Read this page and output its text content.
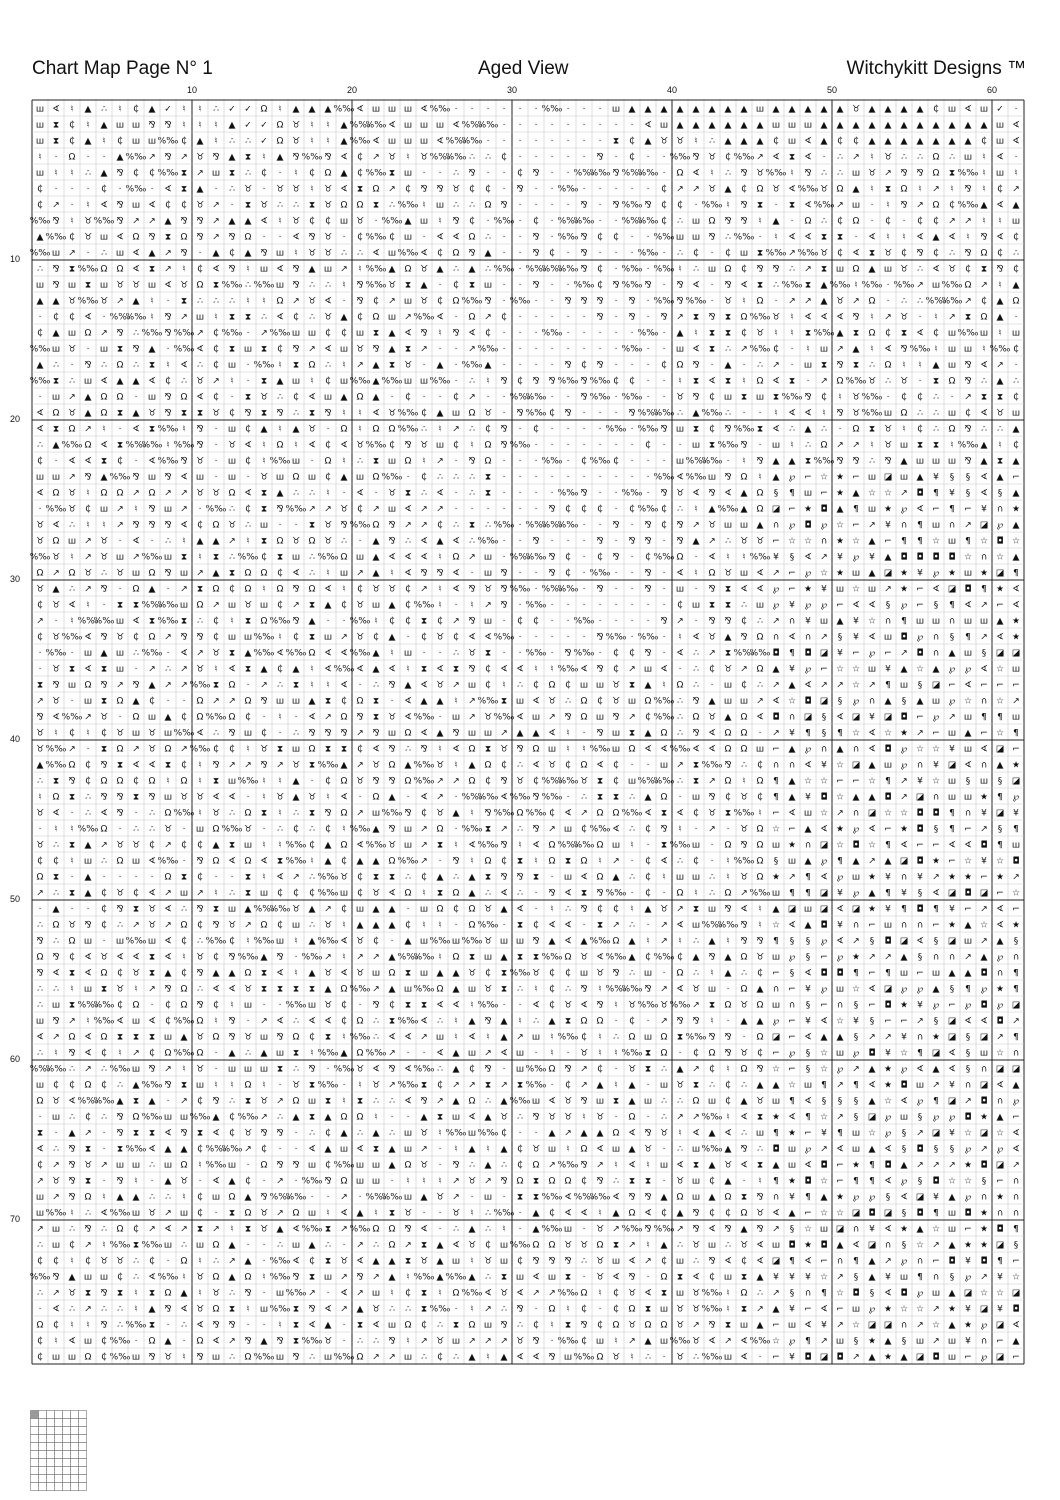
Chart Map Page N° 1	Aged View	Witchykitt Designs ™
10	20	30	40	50	60
10
20
30
40
50
60
70
ш ∢ ♮ ▲ ∴ ♮ ₵ ▲ ✓ ♮ ♮ ∴ ✓ ✓ Ω ♮ ▲ ▲ ▲ %‰ ∢ ш ш ш ∢ %‰ · · · · · · %‰ · · · ш ▲ ▲ ▲ ▲ ▲ ▲ ▲ ▲ ш ▲ ▲ ▲ ▲ ▲ ♉ ▲ ▲ ▲ ▲ ₵ ш ∢ ш ✓ ·
ш ⧗ ₵ ♮ ▲ ш ш ⅋ ⅋ ♮ ♮ ♮ ▲ ✓ ✓ Ω ♉ ♮ ♮ ▲ %‰
%‰ ∢ ш ш ш ∢ %‰
%‰ · · · · · · · · · ∢ ш ▲ ▲ ▲ ▲ ▲ ▲ ш ш ш ▲ ▲ ▲ ▲ ▲ ▲ ▲ ▲ ▲ ▲ ▲ ш ∢
ш ⧗ ₵ ▲ ♮ ₵ ш ш %‰ ₵ ▲ ♮ ∴ ∴ ✓ Ω ♉ ♮ ♮ ▲ %‰ ∢ ш ш ш ∢ %‰
%‰ · · · · · · · · ⧗ ₵ ▲ ♉ ♉ ♮ ∴ ▲ ▲ ▲ ₵ ш ∢ ▲ ₵ ₵ ▲ ▲ ▲ ▲ ▲ ▲ ▲ ₵ ш ∢
♮ · Ω · · ▲ %‰ ↗ ⅋ ↗ ♉ ⅋ ▲ ⧗ ♮ ▲ ⅋ %‰ ⅋ ∢ ₵ ↗ ♉ ♮ ♉ %‰
%‰ ∴ ∴ ₵ · · · · · ⅋ · ₵ · · %‰ ⅋ ♉ ₵ %‰ ↗ ∢ ⧗ ∢ · ∴ ↗ ♮ ♉ ∴ ∴ Ω ∴ ш ♮ ∢ ·
ш ♮ ♮ ∴ ▲ ⅋ ₵ ₵ %‰ ⧗ ↗ ш ⧗ ∴ ₵ · ♮ ₵ Ω ▲ ₵ %‰ ⧗ ш · · ∴ ⅋ · · ₵ ⅋ · · %‰
%‰ ⅋ %‰
%‰ · Ω ∢ ♮ ∴ ⅋ ♉ %‰ ♮ ⅋ ∴ ∴ ш ♉ ↗ ⅋ ⅋ Ω ⧗ %‰ ♮ ш ♮
₵ · · · ₵ · %‰ · ∢ ⧗ ▲ · ∴ ♉ · ♉ ♉ ♮ ♉ ∢ ⧗ Ω ↗ ₵ ⅋ ⅋ ♉ ₵ ₵ · ⅋ · · %‰ · · · · · ₵ ↗ ↗ ♉ ▲ ₵ Ω ♉ ∢ %‰ ♉ Ω ▲ ♮ ⧗ Ω ♮ ↗ ♮ ⅋ ♮ ₵ ↗
₵ ↗ · ♮ ∢ ⅋ ш ∢ ₵ ₵ ♉ ↗ · ⧗ ♉ ∴ ∴ ⧗ ♉ Ω Ω ⧗ ∴ %‰ ♮ ш ∴ ∴ Ω ⅋ · · · · ⅋ · ⅋ %‰ ⅋ ₵ ₵ · %‰ ♮ ⅋ ⧗ · ⧗ ∢ %‰ ↗ ш · ♮ ⅋ ↗ Ω ₵ %‰ ▲ ∢ ▲
%‰ ⅋ ♮ ♉ %‰ ⅋ ↗ ↗ ▲ ⅋ ⅋ ↗ ▲ ▲ ∢ ♮ ♉ ₵ ₵ ш ♉ · %‰ ▲ ш ♮ ⅋ ₵ · %‰ · ₵ · %‰
%‰ · · %‰
%‰ ₵ ∴ ш Ω ⅋ ⅋ ♮ ▲ · Ω ∴ ₵ Ω · ₵ · ₵ ₵ ↗ ↗ ♮ ♮ ш
▲ %‰ ₵ ♉ ш ∢ Ω ⅋ ⧗ Ω ⅋ ↗ ⅋ Ω · · ∢ ⅋ ♉ · ₵ %‰ ₵ ш · ∢ ∢ Ω ∴ · · ⅋ · %‰ ⅋ ₵ ₵ · · %‰ ш ш ⅋ ∴ %‰ · ♮ ∢ ∢ ⧗ ⧗ · ∢ ♮ ♮ ∢ ▲ ∢ ♮ ⅋ ∢ ₵
%‰ ш ↗ · ∴ ш ∢ ▲ ↗ ⅋ · ▲ ₵ ▲ ⅋ ш ♮ ♉ ♉ ∴ ∴ ∢ ш %‰ ∢ ₵ Ω ⅋ ▲ · · ⅋ ₵ · ⅋ · · · %‰ · ∴ ₵ · ₵ ш ⧗ %‰ ↗ %‰ ♉ ₵ ∢ ⧗ ♉ ₵ ⅋ ₵ ∴ ⅋ Ω ₵ ∴
∴ ⅋ ⧗ %‰ Ω Ω ∢ ⧗ ↗ ♮ ₵ ∢ ⅋ ♮ ш ∢ ⅋ ▲ ш ↗ ♮ %‰ ▲ Ω ♉ ▲ ∴ ▲ ∴ %‰ · %‰
%‰
%‰ ⅋ ₵ · %‰ · %‰ ♮ ∴ ш Ω ₵ ⅋ ⅋ ∴ ↗ ⧗ ш Ω ▲ ш ♉ ∴ ∢ ♉ ₵ ⧗ ⅋ ₵
ш ⅋ ш ⧗ ш ♉ ♉ ш ∢ ♉ Ω ⧗ %‰ ∴ %‰ ш ⅋ ∴ ∴ ♮ ⅋ %‰ ♉ ⧗ ▲ · ₵ ⧗ ш · · ⅋ · · %‰ ₵ ⅋ %‰ ⅋ · ⅋ ∢ · ⅋ ∢ ⧗ ∴ %‰ ⧗ ▲ %‰ ♮ %‰ · %‰ ↗ ш %‰ Ω ↗ ♮ ▲
▲ ▲ ♉ %‰ ♉ ↗ ▲ ♮ · ⧗ ∴ ∴ ∴ ♮ ♮ Ω ↗ ♉ ∢ · ⅋ ₵ ↗ ш ♉ ₵ Ω %‰ ⅋ · %‰ · · ⅋ ⅋ ⅋ · ⅋ · %‰ ⅋ %‰ · ♉ ♮ Ω · ↗ ↗ ▲ ♉ ↗ Ω · ∴ ∴ %‰
%‰ ↗ ₵ ▲ Ω
· ₵ ₵ ∢ · %‰
%‰ ♮ ⅋ ↗ ш ♮ ⧗ ⧗ ∴ ∢ ₵ ∴ ♉ ▲ ₵ Ω ш ↗ %‰ ∢ · Ω ↗ ₵ · · · · · ⅋ · ⅋ · ⅋ ↗ ⧗ ⅋ ⧗ Ω %‰ ♉ ♮ ∢ ∢ ∢ ⅋ ♮ ↗ ♉ · ♮ ↗ ⧗ Ω ▲ ·
₵ ▲ ш Ω ↗ ⅋ ∴ %‰ ⅋ %‰ ↗ ₵ %‰ · ↗ %‰ ш ш ₵ ₵ ш ⧗ ▲ ∢ ⅋ ♮ ⅋ ∢ ₵ · · · %‰ · · · · · %‰ · ▲ ♮ ⧗ ⧗ ₵ ♉ ♮ ♮ ⧗ %‰ ▲ ⧗ Ω ₵ ⧗ ∢ ₵ ш %‰ ш ♮ ш
%‰ ш ♉ · ш ⧗ ⅋ ▲ · %‰ ∢ ₵ ⧗ ш ⧗ ₵ ⅋ ↗ ∢ ш ♉ ⅋ ▲ ⧗ ↗ · · ↗ %‰ · · · · · · · · %‰ · · ш ∢ ⧗ ∴ ↗ %‰ ₵ · ♮ ш ↗ ▲ ♮ ∢ ⅋ %‰ ♮ ш ш ♮ %‰ ₵
▲ ∴ · ⅋ ∴ Ω ∴ ⧗ ♮ ∢ ∴ ₵ ш · %‰ ♮ ⧗ Ω ∴ ♮ ↗ ▲ ⧗ ♉ · ▲ · %‰ ▲ · · · · ⅋ ₵ ⅋ · · · ₵ Ω ⅋ · ▲ · ∴ ↗ · ш ⧗ ⅋ ⧗ ∴ Ω ♮ ♮ ▲ ш ⅋ ∢ ↗ ·
%‰ ⧗ ∴ ш ∢ ▲ ▲ ∢ ₵ ∴ ♉ ↗ ♮ · ⧗ ▲ ш ♮ ₵ ш %‰ ▲ %‰ ш ш %‰ · ∴ ♮ ⅋ ₵ ⅋ ⅋ %‰ ⅋ %‰ ₵ ₵ · · ♮ ⧗ ∢ ⧗ ♮ Ω ∢ ⧗ · ↗ Ω %‰ ♉ ∴ ♉ · ⧗ Ω ⅋ ∴ ▲ ∴
· ш ↗ ▲ Ω Ω · ш ⅋ Ω ∢ ₵ · ⧗ ♉ ∴ ₵ ∢ ш ▲ Ω ▲ · ₵ · · ₵ ↗ · · %‰
%‰ · · ⅋ %‰ · %‰ · · ♉ ⅋ ₵ ш ⧗ ш ⧗ %‰ ⅋ ₵ ♮ ♉ %‰ · ₵ ₵ ∴ · ↗ ⧗ ⧗ ₵
∢ Ω ♉ ▲ Ω ⧗ ▲ ♉ ⅋ ⧗ ⧗ ♉ ₵ ⅋ ⧗ ⅋ ∴ ⧗ ⅋ ♮ ♮ ∢ ♉ %‰ ₵ ▲ ш Ω ♉ · ⅋ %‰ ₵ ⅋ · · · ⅋ %‰
%‰ ∴ ▲ %‰ ∴ · · ♮ ∢ ∢ ♮ ⅋ ♉ %‰ ш Ω ∴ ∴ ш ₵ ∢ ♉ ш
∢ ⧗ Ω ↗ ♮ · ∢ ⧗ %‰ ♮ ⅋ · ш ₵ ▲ ♮ ▲ ♉ · Ω ♮ Ω Ω %‰ ∴ ♮ ↗ ∴ ₵ ⅋ · ₵ · · · · %‰ · %‰ ⅋ ш ⧗ ₵ ⅋ %‰ ⧗ ∢ ∴ ▲ ∴ · Ω ⧗ ♉ ♮ ₵ ∴ Ω ⅋ ∴ ∴ ▲
∴ ▲ %‰ Ω ∢ ⧗ %‰
%‰ ♮ %‰ ⅋ · ♉ ∢ ♮ Ω ♮ ∢ ₵ ∢ ♉ %‰ ₵ ⅋ ♉ ш ₵ ♮ Ω ⅋ %‰ · · · · · · · ₵ · · ш ⧗ %‰ ⅋ · ш ♮ ∴ Ω ↗ ↗ ♮ ♉ ш ⧗ ⧗ ♮ %‰ ▲ ♮ ₵
₵ · ∢ ∢ ⧗ ₵ · ∢ %‰ ⅋ ♉ · ш ₵ ♮ %‰ ш · Ω ♮ ∴ ⧗ ш Ω ♮ ↗ · ⅋ Ω · · · %‰ · ₵ %‰ ₵ · · · ш %‰
%‰ · ♮ ⅋ ▲ ▲ ⧗ %‰ ⅋ ⅋ ∴ ⅋ ▲ ш ш ш ⅋ ▲ ⧗ ▲
ш ш ↗ ⅋ ▲ %‰ ⅋ ш ⅋ ∢ ш · ш · ♉ ш Ω ш ₵ ▲ ш Ω %‰ · ₵ ∴ ∴ ∴ ⧗ · · · · · · · · · · %‰ ∢ %‰ ш ⅋ Ω ♮ ▲ ℘ ⌐ ☆ ★ ⌐ ш ◪ ш ▲ ¥ § § ∢ ▲ ⌐
∢ Ω ♉ ♮ Ω Ω ↗ Ω ↗ ↗ ♉ ♉ Ω ∢ ⧗ ▲ ∴ ∴ ♮ · ∢ · ♉ ⧗ ∴ ∢ · ∴ ⧗ · · · · %‰ ⅋ · · %‰ · ⅋ ♉ ∢ ⅋ ∢ ▲ Ω § ¶ ш ⌐ ★ ▲ ☆ ☆ ↗ ◘ ¶ ¥ § ∢ § ▲
· %‰ ♉ ₵ ш ↗ ♮ ⅋ ш ↗ · %‰ ∴ ₵ ⧗ ⅋ %‰ ↗ ↗ ♉ ₵ ↗ ш ∢ ↗ ↗ · · · · · · ⅋ ₵ ₵ ₵ · ₵ %‰ ₵ ∴ ♮ ▲ %‰ ▲ Ω ◪ ⌐ ★ ◘ ▲ ¶ ш ★ ℘ ∢ ⌐ ¶ ⌐ ¥ ∩ ★
♉ ∢ ∴ ♮ ♮ ↗ ⅋ ⅋ ⅋ ∢ ₵ Ω ♉ ∴ ш · · ⧗ ♉ ⅋ %‰ Ω ⅋ ↗ ↗ ₵ ∴ ⧗ ∴ %‰ · %‰
%‰
%‰ · · ⅋ · ⅋ ₵ ⅋ ↗ ♉ ш ш ▲ ∩ ℘ ◘ ℘ ☆ ⌐ ↗ ¥ ∩ ¶ ш ∩ ↗ ◪ ℘ ▲
♉ Ω ш ↗ ♉ · ∢ · ∴ ♮ ▲ ▲ ↗ ♮ ⧗ Ω ♉ Ω ♉ ∴ · ▲ ⅋ ∴ ∢ ▲ ∢ ∴ %‰ · · ⅋ · · · ⅋ · ⅋ ⅋ · ⅋ ▲ ↗ ∴ ♉ ♉ ⌐ ☆ ☆ ∩ ★ ☆ ▲ ⌐ ¶ ¶ ☆ ш ¶ ☆ ◘ ☆
%‰ ♉ ♮ ↗ ♉ ш ↗ %‰ ш ⧗ ♮ ⧗ ∴ %‰ ₵ ⧗ ш ∴ %‰ Ω ш ▲ ∢ ∢ ∢ ♮ Ω ↗ ш · %‰
%‰ ⅋ ₵ · ₵ ⅋ · ₵ %‰ Ω · ∢ ♮ ♮ %‰ ¥ § ∢ ↗ ¥ ℘ ¥ ▲ ◘ ◘ ◘ ◘ ☆ ∩ ☆ ▲
Ω ↗ Ω ♉ ∴ ♉ ш Ω ⅋ ш ↗ ▲ ⧗ Ω Ω ₵ ∢ ∴ ♮ ш ↗ ▲ ♮ ∢ ⅋ ⅋ ∢ · ш ⅋ · · ⅋ ₵ · %‰ · · ⅋ · ∢ ♮ Ω ♉ ш ∢ ↗ ⌐ ℘ ☆ ★ ш ▲ ◪ ★ ¥ ℘ ★ ш ★ ◪ ¶
♉ ▲ ∴ ↗ ⅋ · Ω ▲ · ↗ ⧗ Ω ₵ Ω ♮ Ω ⅋ Ω ∢ ♮ ₵ ♉ ♉ ₵ ↗ ♮ ∢ ⅋ ♉ ⅋ %‰ · %‰
%‰ · ⅋ · · ⅋ · ш · ⅋ ⧗ ∢ ∢ ℘ ⌐ ★ ¥ ш ☆ ш ↗ ★ ⌐ ∢ ◪ ◘ ¶ ★ ∢
₵ ♉ ∢ ♮ · ⧗ ⧗ %‰
%‰ ш Ω ↗ ш ♉ ш ₵ ↗ ⧗ ▲ ₵ ♉ ш ▲ ₵ %‰ ♮ · ♮ ↗ ⅋ · %‰ · · · · · · · · ₵ ш ⧗ ⧗ ∴ ш ℘ ¥ ℘ ℘ ⌐ ∢ ∢ § ℘ ⌐ § ¶ ∢ ↗ ⌐ ∢
↗ · ♮ %‰
%‰ ш ∢ ⧗ %‰ ⧗ ∴ ₵ ♮ ⧗ Ω %‰ ⅋ ▲ · · %‰ ♮ ₵ ₵ ⧗ ₵ ↗ ⅋ ш · ₵ ₵ · · %‰ · · · · ⅋ ↗ · ⅋ ⅋ ₵ ∴ ↗ ∩ ¥ ш ▲ ¥ ☆ ∩ ¶ ш ш ∩ ш ш ▲ ★
₵ ♉ %‰ ∢ ⅋ ♉ ₵ Ω ↗ ⅋ ⅋ ₵ ш ш %‰ ♮ ₵ ⧗ ш ↗ ♉ ₵ ▲ · ₵ ♉ ₵ ∢ ∢ %‰ · · · · · ⅋ %‰ · %‰ · ♮ ∢ ♉ ▲ ⅋ Ω ∩ ∢ ∩ ↗ § ¥ ∢ ш ◘ ℘ ∩ § ¶ ↗ ∢ ★
· %‰ · ш ▲ ш ∴ %‰ · ∢ ↗ ♉ ⧗ ▲ %‰ ∢ %‰ Ω ∢ ∢ %‰ ▲ ♮ ш · · ∴ ♉ ⧗ · · %‰ · ⅋ %‰ · ₵ ₵ ⅋ · ∢ ∴ ↗ ⧗ %‰
%‰ ◘ ¶ ◘ ◪ ¥ ⌐ ℘ ⌐ ↗ ◘ ∩ ▲ ш § ◪ ◪
· ♉ ⧗ ∢ ⧗ ш · ↗ ∴ ↗ ♉ ♮ ∢ ⧗ ▲ ₵ ▲ ♮ ∢ %‰ ∢ ▲ ∢ ♮ ⧗ ∢ ⧗ ⅋ ₵ ∢ ∢ ♮ ♮ %‰ ∢ ⅋ ₵ ↗ ш ∢ · ∴ ₵ ♉ ↗ Ω ▲ ¥ ℘ ⌐ ☆ ☆ ш ¥ ▲ ☆ ▲ ℘ ℘ ∢ ☆ ш
⧗ ⅋ ш Ω ⅋ ↗ ⅋ ▲ ↗ ↗ %‰ ⧗ Ω · ↗ ∴ ⧗ ♮ ♮ ∢ · ∴ ⅋ ▲ ∢ ♉ ↗ ш ₵ ♮ ∴ ₵ Ω ₵ ш ш ♉ ⧗ ▲ ♮ Ω ∴ · ш ₵ ∴ ↗ ▲ ∢ ↗ ↗ ☆ ↗ ¶ ш § ◪ ⌐ ∢ ⌐ ⌐ ⌐
↗ ♉ · ш ⧗ Ω ▲ ₵ · · Ω ↗ ↗ Ω ⅋ ш ш ▲ ⧗ ₵ Ω ⧗ · ∢ ▲ ▲ ♮ ↗ %‰ ⧗ ш ∢ ♉ ∴ Ω ₵ ♉ ш Ω %‰ ∴ ⅋ ▲ ш ш ↗ ∢ ☆ ◘ ◪ § ℘ ∩ ▲ § ▲ ш ℘ ☆ ∩ ☆ ↗
⅋ ∢ %‰ ↗ ♉ · Ω ш ▲ ₵ Ω %‰ Ω ₵ · ♮ · ∢ ↗ Ω ⅋ ⧗ ♉ ∢ %‰ · ш ↗ ♉ %‰ ∢ ш ↗ ⅋ Ω ш ⅋ ↗ ₵ %‰ ∴ Ω ♉ ▲ Ω ∢ ◘ ∩ ◪ § ∢ ◪ ¥ ◪ ◘ ⌐ ℘ ↗ ш ¶ ¶ ш
♉ ♮ ₵ ♮ ₵ ♉ ш ♉ ш %‰ ∢ ∴ ⅋ ш ₵ · ∴ ⅋ ⅋ ⅋ ↗ ⅋ ш Ω ∢ ▲ ⅋ ш ш ↗ ▲ ▲ ∢ ♮ · ⅋ ш ⧗ ▲ Ω ∴ ⅋ ∢ Ω Ω · ↗ ¥ ¶ § ¶ ☆ ∢ ☆ ★ ↗ ⌐ ш ▲ ⌐ ☆ ¶
♉ %‰ ↗ · ⧗ Ω ↗ ♉ Ω ↗ %‰ ₵ ₵ ♮ ♉ ⧗ ш Ω ⧗ ⧗ ₵ ∢ ⅋ ∴ ⅋ ♮ ∢ Ω ⧗ ♉ ⅋ Ω ш ♮ ♮ %‰ ш Ω ∢ ∢ %‰ ∢ ∢ Ω Ω ш ⌐ ▲ ℘ ∩ ▲ ∩ ∢ ◘ ℘ ☆ ☆ ¥ ш ∢ ◪ ⌐
▲ %‰ Ω ₵ ⅋ ⧗ ∢ ∢ ⧗ ₵ ♮ ⅋ ↗ ↗ ⅋ ↗ ♉ ⧗ %‰ ▲ ↗ ♉ Ω ▲ %‰ ♉ ♮ ▲ Ω ₵ ∴ ∢ ♉ ₵ Ω ∢ ₵ · · ш ↗ ⧗ %‰ ⅋ ∴ ₵ ∩ ∩ ∢ ¥ ☆ ◪ ▲ ш ℘ ∩ ¥ ◪ ∢ ∩ ▲ ★
∴ ⧗ ⅋ ₵ Ω Ω ₵ Ω ♮ Ω ♮ ⧗ ш %‰ ♮ ♮ ▲ · ₵ Ω ♉ ⅋ ⅋ Ω %‰ ↗ ↗ Ω ₵ ⅋ ♉ ₵ %‰
%‰ ♉ ⧗ ₵ ш %‰
%‰ ∴ ⧗ ↗ Ω ♮ Ω ¶ ▲ ☆ ☆ ⌐ ⌐ ☆ ¶ ↗ ¥ ☆ ш § ш § ◪
♮ Ω ⧗ ∴ ⅋ ⅋ ⧗ ⅋ ш ♉ ♉ ∢ ∢ · ♮ ♉ ▲ ♉ ♮ ∢ · Ω ▲ · ∢ ↗ · %‰
%‰ ∢ %‰ ⅋ %‰ · ∴ ⧗ ⧗ ∴ ▲ Ω · ш ⅋ ₵ ♉ ₵ ¶ ▲ ¥ ◘ ☆ ▲ ▲ ◘ ↗ ◪ ∩ ш ш ★ ¶ ℘
♉ ∢ · ∴ ∢ ⅋ · ∴ Ω %‰ ♮ ♉ ∴ Ω ⧗ ♮ ∴ ⧗ ⅋ Ω ↗ ш %‰ ⅋ ₵ ♉ ▲ ♮ ⅋ %‰ Ω %‰ ₵ ∢ ↗ Ω Ω %‰ ∢ ⧗ ∢ ₵ ♉ ⧗ %‰ ♮ ⌐ ∢ ш ☆ ↗ ∩ ◪ ☆ ☆ ◘ ◘ ¶ ∩ ¥ ◪ ¥
· ♮ ♮ %‰ Ω · ∴ ∴ ♉ · ш Ω %‰ ♉ · ∴ ₵ ∴ ₵ ♮ %‰ ▲ ⅋ ш ↗ Ω · %‰ ⧗ ↗ ∴ ⅋ ↗ ш ₵ %‰ ∢ ∴ ₵ ⅋ ♮ · ↗ · ♉ Ω ☆ ⌐ ▲ ∢ ★ ℘ ∢ ⌐ ★ ◘ § ¶ ⌐ ↗ § ¶
♉ ∴ ⧗ ▲ ↗ ♉ ♉ ₵ ↗ ₵ ₵ ▲ ⧗ ш ♮ ♮ %‰ ₵ ▲ Ω ∢ %‰ ♉ ш ↗ ⧗ ♮ ∢ %‰ ⅋ ♮ ∢ Ω %‰
%‰ Ω ш ♮ · ⧗ %‰ ш · Ω ⅋ Ω ш ★ ∩ ◪ ☆ ◘ ☆ ¶ ∢ ⌐ ⌐ ∢ ∢ ◘ ¶ ш
₵ ₵ ♮ ш ∴ Ω ш ∢ %‰ · ⅋ Ω ∢ Ω ∢ ⧗ %‰ ♮ ▲ ₵ ▲ ▲ Ω %‰ ↗ · ⅋ ♮ Ω ₵ ⧗ ♮ Ω ⧗ Ω ♮ ↗ · ₵ ∢ ∴ ₵ · ♮ %‰ Ω § ш ▲ ℘ ¶ ▲ ↗ ▲ ◪ ◘ ★ ⌐ ☆ ¥ ☆ ◘
Ω ⧗ · ▲ · · · · Ω ⧗ ₵ · · ⧗ ♮ ∢ ↗ ∴ %‰ ♉ ₵ ⧗ ⧗ ∴ ₵ ▲ ∴ ▲ ⧗ ⅋ ⅋ ⧗ · ш ∢ Ω ▲ ∴ ₵ ♮ ш ш ∴ ♮ ♉ Ω ★ ↗ ¶ ∢ ℘ ш ★ ¥ ∩ ¥ ↗ ★ ★ ⌐ ★ ↗
↗ ∴ ⧗ ▲ ₵ ♉ ₵ ∢ ↗ ш ↗ ♮ ∴ ⧗ ш ₵ ₵ ₵ %‰ ш ₵ ♉ ∢ Ω ♮ ⧗ Ω ▲ ∴ ∢ ∴ · ⅋ ∢ ⧗ ⅋ %‰ · ₵ · Ω ♮ ∴ Ω ↗ %‰ ш ¶ ¶ ◪ ¥ ℘ ▲ ¶ ¥ § ∢ ◪ ◘ ◪ ⌐ ☆
· ▲ · · ₵ ⅋ ⧗ ♉ ∢ ∴ ⅋ ⧗ ш ▲ %‰
%‰ ♉ ▲ ↗ ₵ ш ▲ ▲ · ш Ω ₵ Ω ♉ ▲ ∢ · ♮ ∴ ⅋ ₵ ₵ ♮ ▲ ♉ ↗ ⧗ ш ⅋ ∢ ♮ ▲ ◪ ш ◪ ∢ ◪ ★ ¥ ¶ ◘ ¶ ¥ ⌐ ↗ ∢ ⌐
∴ Ω ♉ ⅋ ₵ ∴ ↗ ♉ ↗ Ω ₵ ⅋ ♉ ↗ Ω ₵ ш ∴ ♉ ♮ ▲ ▲ ▲ ₵ ♮ ♮ · Ω %‰ · ⧗ ₵ ∢ ∢ · ⧗ ↗ ∴ · ↗ ∢ ш %‰
%‰ ⅋ ♮ ☆ ∢ ▲ ◘ ¥ ∩ ⌐ ш ∩ ∩ ⌐ ★ ▲ ☆ ∢ ★
⅋ ∴ Ω ш · ш %‰ ш ∢ ₵ ∴ %‰ ₵ ♮ %‰ ш ♮ ▲ %‰ ∢ ♉ ₵ · ▲ ш %‰ ш %‰ ♉ ш ш ⅋ ▲ ∢ ▲ %‰ Ω ▲ ♮ ↗ ♮ ∴ ▲ ♮ ⅋ ⅋ ¶ § § ℘ ∢ ↗ § ◘ ◪ ∢ § ◪ ш ↗ ▲ §
Ω ⅋ ₵ ∢ ♉ ∢ ∢ ⧗ ∢ ♮ ♉ ₵ ⅋ %‰ ▲ ⅋ · %‰ ↗ ♮ ↗ ↗ ▲ %‰
%‰ ♮ Ω ⧗ ш ▲ ⧗ ⧗ %‰ Ω ♉ ∢ %‰ ▲ ₵ %‰ ₵ ▲ ⅋ ▲ Ω ♉ ш ℘ § ⌐ ℘ ★ ↗ ↗ ▲ § ∩ ∩ ↗ ▲ ℘ ∩
⅋ ∢ ⧗ ∢ Ω ₵ ♉ ⧗ ▲ ₵ ⅋ ▲ ▲ Ω ⧗ ∢ ♮ ▲ ♉ ∢ ♉ ш Ω ⧗ ш ▲ ▲ ♉ ₵ ⧗ %‰ ♉ ₵ ₵ ш ♉ ⅋ ∴ ш · Ω ∴ ♮ ▲ ∴ ₵ ⌐ § ∢ ◘ ◘ ¶ ⌐ ¶ ш ⌐ ш ▲ ▲ ◘ ∩ ¶
∴ ∴ ♮ ш ⧗ ♉ ♮ ↗ ⅋ Ω ∴ ∢ ∢ ♉ ⧗ ⧗ ⧗ ⧗ ▲ Ω %‰ ↗ ▲ ш %‰ Ω ▲ ш ♉ ⧗ ∴ ♮ ₵ ∴ ⅋ ♮ %‰
%‰ ⅋ ↗ ∢ ♉ ш · Ω ▲ ∩ ⌐ ¥ ℘ ш ☆ ∢ ◪ ℘ ℘ ▲ § ¶ ℘ ★ ¶
∴ ш ⧗ %‰
%‰ ₵ Ω · ₵ Ω ⅋ ₵ ♮ ш · · %‰ ш ♉ ₵ · ⅋ ₵ ⧗ ⧗ ∢ ∢ ♮ %‰ · · ∢ ₵ ♉ ∢ ⅋ ♮ ♉ %‰ ♉ %‰ ↗ ⧗ Ω ♉ Ω ш ∩ § ⌐ ∩ § ⌐ ◘ ★ ¥ ℘ ⌐ ℘ ◘ ℘ ◪
ш ⅋ ↗ ♮ %‰ ∢ ш ∢ ₵ %‰ Ω ♮ ⅋ · ↗ ∢ ∴ ∢ ∢ ₵ Ω ∴ ⧗ %‰ ∢ ∴ ♮ ▲ ⅋ ▲ ♮ ∴ ▲ ⧗ Ω Ω · ₵ · ↗ ⅋ ⅋ ♮ · ▲ ▲ ℘ ⌐ ¥ ∢ ☆ ¥ § ⌐ ⌐ ↗ § ◪ ∢ ∢ ◘ ↗
∢ ↗ Ω ∢ Ω ⧗ ⧗ ⧗ ш ▲ ♉ Ω ⅋ ♉ ш ⅋ Ω ₵ ⧗ ♮ %‰ ∴ ∢ ∢ ↗ ш ♮ ∢ ♮ ▲ ↗ ш ♮ %‰ ₵ ♮ ∴ Ω ш Ω ⧗ %‰ ⅋ ⅋ · Ω ◪ ⌐ ∢ ▲ ▲ § ↗ ↗ ¥ ∩ ★ ◪ § ◪ ↗ ¶
∴ ♮ ⅋ ∢ ₵ ♮ ↗ ₵ Ω %‰ Ω · ▲ ∴ ▲ ш ⧗ ♮ %‰ ▲ Ω %‰ ↗ · · ∢ ▲ ш ↗ ∢ ш · ♮ · ♉ ♮ ♮ %‰ ⧗ Ω · ₵ Ω ⅋ ♉ ₵ ⌐ ℘ § ☆ ш ℘ ◘ ¥ ☆ ¶ ◪ ∢ § ш ☆ ∩
%‰
%‰ ∴ ↗ ∴ %‰ ш ⅋ ↗ ♮ ♉ · ш ш ш ⧗ ∴ ⅋ · %‰ ♉ ∢ ⅋ ∢ %‰ ∴ ▲ ₵ ⅋ · ш %‰ Ω ⅋ ↗ ₵ · ♉ ⧗ ∴ ▲ ↗ ₵ ♮ Ω ⅋ ☆ ⌐ § ☆ ℘ ↗ ▲ ★ ℘ ∢ ▲ ∢ § ∩ ◪ ◪
ш ₵ ₵ Ω ₵ ∴ ▲ %‰ ⅋ ⧗ ш ♮ ♮ Ω ♮ · ♉ ⧗ %‰ · ♮ ♉ ↗ %‰ ⧗ ₵ ↗ ↗ ⧗ ↗ ⧗ %‰ · ₵ ↗ ▲ ♮ ▲ · ш ♉ ⧗ ∴ ₵ ∴ ▲ ▲ ☆ ш ¶ ↗ ¶ ∢ ★ ◘ ш ↗ ¥ ∩ ◪ ∢ ▲
Ω ♉ ∢ %‰
%‰ ▲ ⧗ ▲ · ↗ ₵ ⅋ ∴ ⧗ ♉ ↗ Ω ш ⧗ ♮ ⧗ ∴ ∴ ∢ ⅋ ↗ ▲ Ω ∴ ▲ %‰ ш ∢ ♉ ⅋ ш ⧗ ▲ ш ∴ ∴ Ω ш ₵ ▲ ♉ ш ¶ ∢ § § § ▲ ☆ ∢ ℘ ¶ ◪ ↗ ◘ ∩ ℘
· ш ∴ ₵ ∴ ⅋ Ω %‰ ш ш %‰ ▲ ₵ %‰ ↗ ∴ ▲ ⧗ ▲ Ω Ω ♮ · · ▲ ⧗ ш ∢ ▲ ♉ ∴ ⅋ ♉ ♉ ♮ ♉ · Ω · ∴ ↗ ↗ %‰ ♮ ∢ ⧗ ★ ∢ ¶ ☆ ↗ § ◪ ℘ ш § ℘ ℘ ◘ ★ ▲ ⌐
⧗ · ▲ ↗ · ⅋ ⧗ ⧗ ∢ ⅋ ⧗ ∢ ₵ ♉ ⅋ ⅋ · ∴ ₵ ▲ ∴ ▲ ∴ ш ♉ ♮ %‰ ш %‰ ₵ · · ▲ ↗ ▲ ▲ Ω ∢ ⅋ ♉ ♮ ∢ ▲ ∢ ∴ ш ¶ ★ ⌐ ¥ ¶ ш ☆ ℘ § ↗ ◪ ¥ ☆ ◪ ☆ ∢
∢ ∴ ⅋ ⧗ · ⧗ %‰ ∢ ▲ ▲ ₵ %‰
%‰ ↗ ₵ · · ∢ ▲ ш ∢ ⧗ ▲ ш ↗ · ♮ ▲ ♮ ▲ ₵ ♉ ш ♮ Ω ∢ ш ▲ ♉ · ∴ ш %‰ ▲ ⅋ ∴ ◘ ш ℘ ↗ ∢ ш ▲ ∢ § ◘ § § ℘ ↗ ℘ ∢
₵ ↗ ⅋ ♉ ↗ ш ш ∴ ш Ω ♮ %‰ ш · Ω ⅋ ⅋ ш ₵ %‰ ш ш ▲ Ω ♉ · ⅋ ∴ ▲ ∴ ₵ Ω ↗ %‰ ⅋ ↗ ♮ ∢ ♮ ш ∢ ⧗ ▲ ♉ ∢ ⧗ ▲ ш ∢ ◘ ⌐ ★ ¶ ◘ ▲ ↗ ↗ ↗ ★ ◘ ◪ ↗
↗ ♉ ⅋ ⧗ · ⅋ ♮ · ▲ ♉ · ∢ ▲ ₵ · ↗ · %‰ ⅋ Ω ш ш · ♮ ♮ ♮ ↗ ♉ ↗ ⅋ Ω ⧗ Ω Ω ₵ ⅋ ∴ ⧗ ⧗ · ♉ ш ₵ ▲ · ♮ ¶ ★ ◘ ☆ ⌐ ¶ ¶ ∢ ℘ § ◘ ☆ ☆ § ⌐ ∩
ш ↗ ⅋ Ω ♮ ▲ ▲ ∴ ∴ ♮ ₵ ш Ω ▲ ⅋ %‰
%‰ · · ↗ · %‰
%‰ ш ▲ ♉ ↗ · ш · ⧗ ⧗ %‰ ∢ %‰
%‰ ∢ ⅋ ⅋ ▲ Ω ш ▲ Ω ⧗ ⅋ ∩ ¥ ¶ ▲ ★ ℘ ℘ § ∢ ◪ ¥ ▲ ℘ ∩ ★ ∩
ш %‰ ♮ ∴ ∢ %‰ ш ♉ ↗ ш ₵ · ⧗ Ω ♉ ↗ Ω ш ♮ ∢ ▲ ♮ ⧗ ♉ · · ♉ ♮ ∴ %‰ · ▲ ₵ ∢ ∢ ♮ ▲ Ω ∢ ₵ ▲ ⅋ ₵ ₵ Ω ♉ ∢ ▲ ⌐ ☆ ☆ ◪ ◘ ◪ § ◘ ¶ ш ◘ ★ ∩ ∩
↗ ш ∴ ⅋ ∴ Ω ₵ ↗ ∢ ↗ ⧗ ↗ ♮ ⧗ ♉ ▲ ∢ %‰ ⧗ ↗ %‰ Ω Ω ⅋ ∢ · ∴ ▲ ∴ ♮ · ▲ %‰ ш · ♉ ↗ %‰ ⅋ %‰ ↗ ⅋ ∢ ⅋ ▲ ⅋ ↗ § ☆ ш ◪ ∩ ¥ ∢ ★ ▲ ☆ ш ⌐ ★ ◘ ¶
∴ ш ₵ ↗ ♮ %‰ ⧗ %‰ ш ∴ ш Ω ▲ · · ∴ ш ▲ ∴ · ↗ ∴ Ω ↗ ⧗ ▲ ∢ ♉ ₵ ш %‰ Ω Ω ♉ ♉ Ω ⧗ ↗ ♮ ▲ ∴ ♉ ш ∴ ♉ ∢ ш ◘ ★ ◘ ▲ ∢ ◪ ∩ § ☆ ↗ ▲ ★ ★ ◪ §
₵ ₵ ♮ ₵ ♉ ♉ ∴ ₵ · Ω ♮ ∴ ↗ ▲ · %‰ ∢ ₵ ⧗ ♉ ∢ ▲ ▲ ⧗ ♉ ▲ ш ♮ ♉ ш ₵ ⅋ ⅋ ⅋ ∴ ♉ ш ∢ ↗ ₵ ш ∴ ⅋ ∢ ₵ ∢ ◪ ¶ ∢ ⌐ ∩ ¶ ▲ ↗ ℘ ∩ ⌐ ◘ ¥ ◘ ¶ ⌐
%‰ ⅋ ▲ ш ш ₵ ∴ ∢ %‰ ♮ ♉ Ω ▲ Ω ♮ %‰ ⅋ ⧗ ш ↗ ⅋ ↗ ▲ ♮ %‰ ▲ %‰ ▲ ∴ ⧗ ш ∢ ш ⧗ · ♉ ∢ ⅋ · Ω ⧗ ∢ ₵ ш ⧗ ▲ ¥ ¥ ¥ ☆ ↗ § ▲ ¥ ш ¶ ∩ § ℘ ↗ ¥ ☆
∴ ↗ ♉ ⧗ ⅋ ⧗ ♮ ⧗ Ω ▲ ♮ ♉ ∴ ⅋ · ш %‰ ↗ · ∢ ↗ ш ♮ ₵ ⧗ ♮ Ω %‰ ∢ ♉ ∢ ↗ ↗ %‰ Ω ♮ ₵ ♉ ∢ ⧗ ш ♉ %‰ ♮ Ω ∴ ↗ § ∩ ¶ ☆ ◘ § ∢ ◘ ℘ ш ▲ ◪ ☆ ☆ ◪
· ∢ ∴ ↗ ∴ ∴ ♮ ▲ ⅋ ∢ ♉ Ω ⧗ ♮ ш %‰ ⧗ ⅋ ∢ ↗ ▲ ♉ ∴ ∴ ⧗ %‰ · ♮ ↗ ∴ ⅋ · Ω ♮ ₵ · ₵ Ω ⧗ ш ♉ ♉ %‰ ♮ ⧗ ↗ ▲ ¥ ⌐ ∢ ⌐ ш ℘ ★ ☆ ☆ ↗ ★ ¥ ◪ ¥ ◘
Ω ₵ ♮ ♮ ⅋ ∴ %‰ ⧗ · ∴ ∢ ⅋ ⅋ · · ♮ ⧗ ∢ ▲ · ⧗ ∢ ш Ω ₵ ∴ ⧗ Ω ш ⅋ ∴ ₵ ♮ ⧗ ⅋ ₵ Ω ♉ Ω Ω ♉ ↗ ⅋ ⧗ ш ▲ ⌐ ш ∢ ¥ ↗ ☆ ◪ ◪ ∩ ↗ ☆ ▲ ★ ℘ ◪ ∢
₵ ♮ ∢ ш ₵ %‰ · Ω ▲ · Ω ∢ ↗ ⅋ ▲ ⅋ ⧗ %‰ ♉ · ∴ ∴ ⅋ ♮ ↗ ♉ ш ↗ ↗ ↗ ♉ ⅋ · %‰ ₵ ш ♮ ↗ ▲ ш %‰ ♉ ∢ ↗ ∢ %‰ ☆ ℘ ¶ ↗ ш § ★ ▲ § ш ↗ ш ¥ ∩ ⌐ ▲
₵ ш ш Ω ₵ %‰ ш ⅋ ♉ ♮ ⅋ ш ∴ Ω %‰ ш ⅋ ∴ ш %‰ Ω ↗ ↗ ш ∴ ₵ ∴ ▲ ♮ ▲ ∢ ∢ ⅋ ш %‰ Ω ♉ ♮ ∴ · ♉ ∴ %‰ ш ∢ · ⌐ ¥ ◘ ◪ ◘ ↗ ▲ ★ ▲ ◪ ◘ ш ⌐ ℘ ◪ ⌐
